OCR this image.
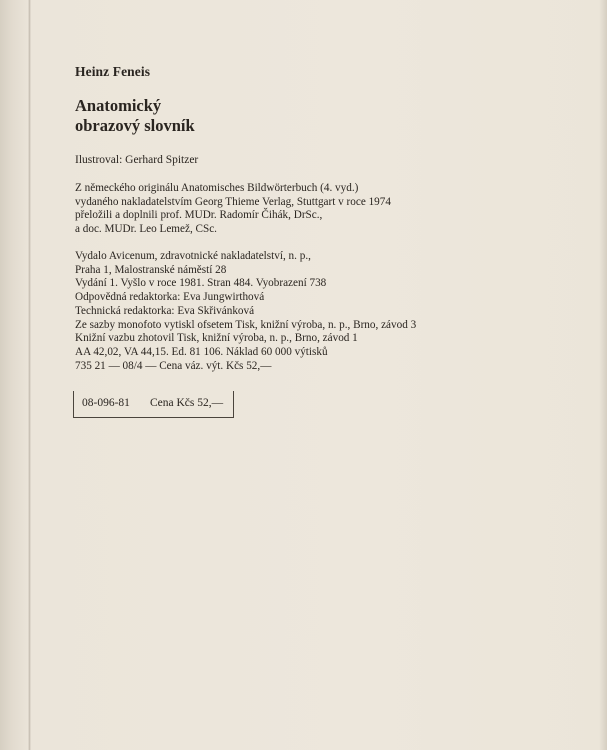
Heinz Feneis
Anatomický
obrazový slovník
Ilustroval: Gerhard Spitzer
Z německého originálu Anatomisches Bildwörterbuch (4. vyd.)
vydaného nakladatelstvím Georg Thieme Verlag, Stuttgart v roce 1974
přeložili a doplnili prof. MUDr. Radomír Čihák, DrSc.,
a doc. MUDr. Leo Lemež, CSc.
Vydalo Avicenum, zdravotnické nakladatelství, n. p.,
Praha 1, Malostranské náměstí 28
Vydání 1. Vyšlo v roce 1981. Stran 484. Vyobrazení 738
Odpovědná redaktorka: Eva Jungwirthová
Technická redaktorka: Eva Skřivánková
Ze sazby monofoto vytiskl ofsetem Tisk, knižní výroba, n. p., Brno, závod 3
Knižní vazbu zhotovil Tisk, knižní výroba, n. p., Brno, závod 1
AA 42,02, VA 44,15. Ed. 81 106. Náklad 60 000 výtisků
735 21 — 08/4 — Cena váz. výt. Kčs 52,—
08-096-81 Cena Kčs 52,—
